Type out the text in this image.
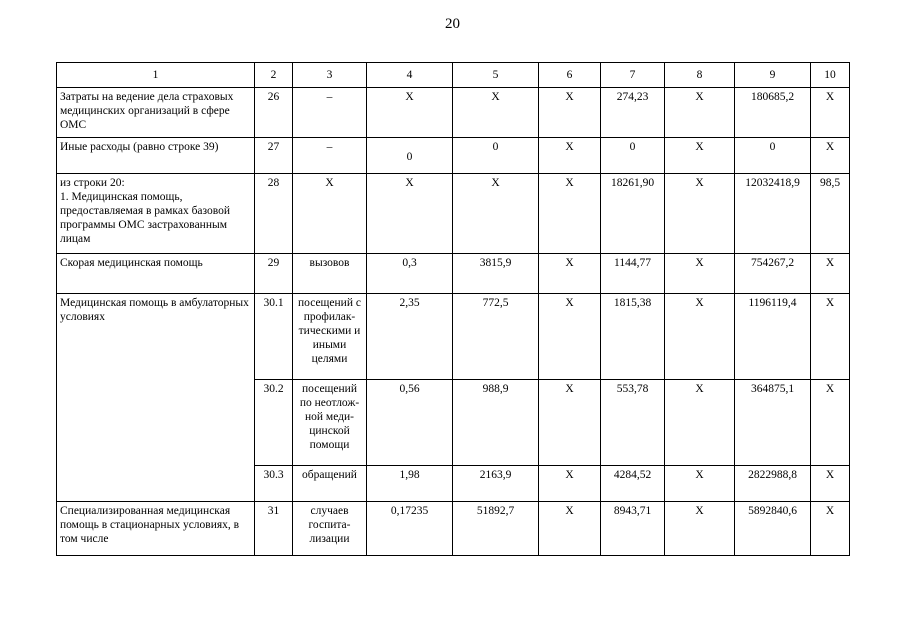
20
1	2	3	4	5	6	7	8	9	10
Затраты на ведение дела страховых медицинских организаций в сфере ОМС	26	–	Х	Х	Х	274,23	Х	180685,2	Х
Иные расходы (равно строке 39)	27	–	0	0	Х	0	Х	0	Х

из строки 20:
1. Медицинская помощь, предоставляемая в рамках базовой программы ОМС застрахованным лицам	28	Х	Х	Х	Х	18261,90	Х	12032418,9	98,5
Скорая медицинская помощь	29	вызовов	0,3	3815,9	Х	1144,77	Х	754267,2	Х
Медицинская помощь в амбулаторных условиях	30.1	посещений с профилак-тическими и иными целями	2,35	772,5	Х	1815,38	Х	1196119,4	Х
	30.2	посещений по неотлож-ной меди-цинской помощи	0,56	988,9	Х	553,78	Х	364875,1	Х
	30.3	обращений	1,98	2163,9	Х	4284,52	Х	2822988,8	Х
Специализированная медицинская помощь в стационарных условиях, в том числе	31	случаев госпита-лизации	0,17235	51892,7	Х	8943,71	Х	5892840,6	Х
